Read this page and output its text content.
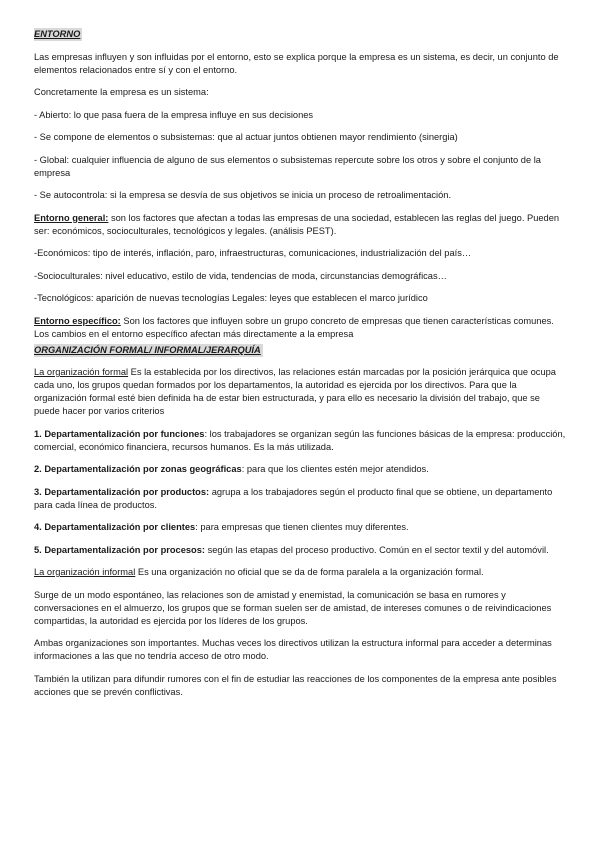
ENTORNO

Las empresas influyen y son influidas por el entorno, esto se explica porque la empresa es un sistema, es decir, un conjunto de elementos relacionados entre sí y con el entorno.

Concretamente la empresa es un sistema:

- Abierto: lo que pasa fuera de la empresa influye en sus decisiones

- Se compone de elementos o subsistemas: que al actuar juntos obtienen mayor rendimiento (sinergia)

- Global: cualquier influencia de alguno de sus elementos o subsistemas repercute sobre los otros y sobre el conjunto de la empresa

- Se autocontrola: si la empresa se desvía de sus objetivos se inicia un proceso de retroalimentación.

Entorno general: son los factores que afectan a todas las empresas de una sociedad, establecen las reglas del juego. Pueden ser: económicos, socioculturales, tecnológicos y legales. (análisis PEST).

-Económicos: tipo de interés, inflación, paro, infraestructuras, comunicaciones, industrialización del país…

-Socioculturales: nivel educativo, estilo de vida, tendencias de moda, circunstancias demográficas…

-Tecnológicos: aparición de nuevas tecnologías Legales: leyes que establecen el marco jurídico

Entorno específico: Son los factores que influyen sobre un grupo concreto de empresas que tienen características comunes. Los cambios en el entorno específico afectan más directamente a la empresa

ORGANIZACIÓN FORMAL/ INFORMAL/JERARQUÍA

La organización formal Es la establecida por los directivos, las relaciones están marcadas por la posición jerárquica que ocupa cada uno, los grupos quedan formados por los departamentos, la autoridad es ejercida por los directivos. Para que la organización formal esté bien definida ha de estar bien estructurada, y para ello es necesario la división del trabajo, que se puede hacer por varios criterios

1. Departamentalización por funciones: los trabajadores se organizan según las funciones básicas de la empresa: producción, comercial, económico financiera, recursos humanos. Es la más utilizada.

2. Departamentalización por zonas geográficas: para que los clientes estén mejor atendidos.

3. Departamentalización por productos: agrupa a los trabajadores según el producto final que se obtiene, un departamento para cada línea de productos.

4. Departamentalización por clientes: para empresas que tienen clientes muy diferentes.

5. Departamentalización por procesos: según las etapas del proceso productivo. Común en el sector textil y del automóvil.

La organización informal Es una organización no oficial que se da de forma paralela a la organización formal.

Surge de un modo espontáneo, las relaciones son de amistad y enemistad, la comunicación se basa en rumores y conversaciones en el almuerzo, los grupos que se forman suelen ser de amistad, de intereses comunes o de reivindicaciones compartidas, la autoridad es ejercida por los líderes de los grupos.

Ambas organizaciones son importantes. Muchas veces los directivos utilizan la estructura informal para acceder a determinas informaciones a las que no tendría acceso de otro modo.

También la utilizan para difundir rumores con el fin de estudiar las reacciones de los componentes de la empresa ante posibles acciones que se prevén conflictivas.
